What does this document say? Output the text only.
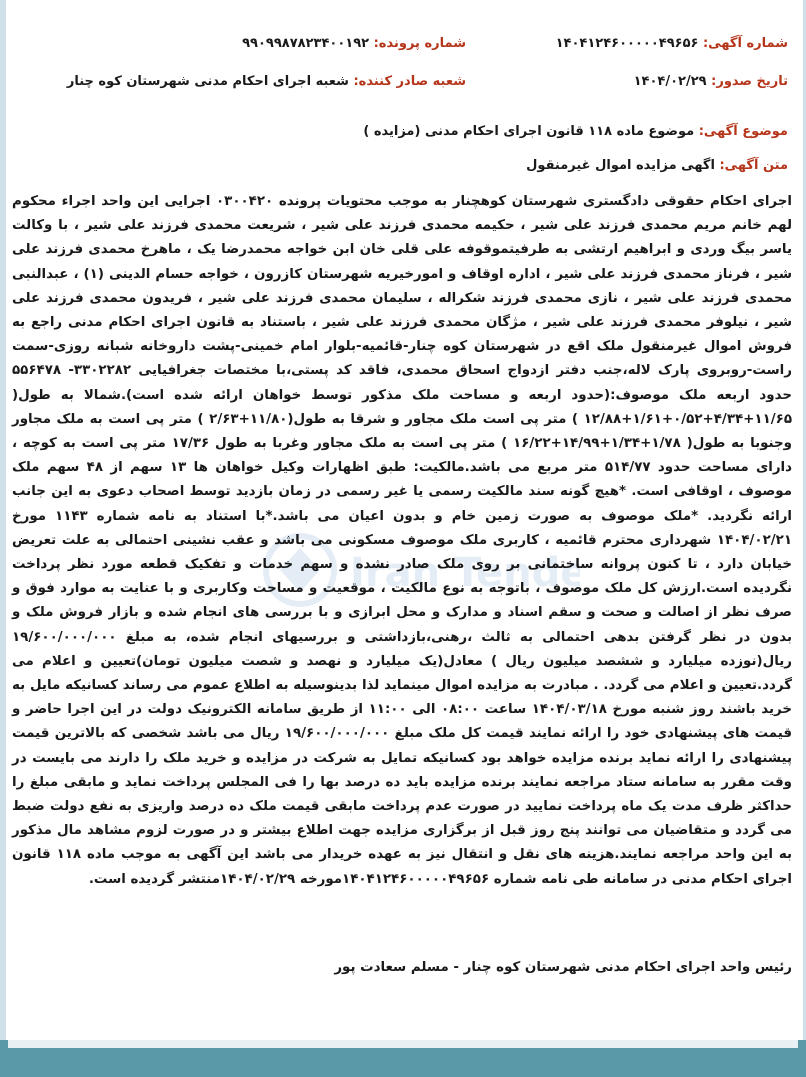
شماره آگهی: ۱۴۰۴۱۲۴۶۰۰۰۰۰۴۹۶۵۶
شماره پرونده: ۹۹۰۹۹۸۷۸۲۳۴۰۰۱۹۲
تاریخ صدور: ۱۴۰۴/۰۲/۲۹
شعبه صادر کننده: شعبه اجرای احکام مدنی شهرستان کوه چنار
موضوع آگهی: موضوع ماده ۱۱۸ قانون اجرای احکام مدنی (مزایده )
متن آگهی: اگهی مزایده اموال غیرمنقول
اجرای احکام حقوقی دادگستری شهرستان کوهچنار به موجب محتویات پرونده ۰۳۰۰۴۲۰ اجرایی این واحد اجراء محکوم لهم خانم مریم محمدی فرزند علی شیر ، حکیمه محمدی فرزند علی شیر ، شریعت محمدی فرزند علی شیر ، با وکالت یاسر بیگ وردی و ابراهیم ارتشی به طرفیتموقوفه علی قلی خان ابن خواجه محمدرضا یک ، ماهرخ محمدی فرزند علی شیر ، فرناز محمدی فرزند علی شیر ، اداره اوقاف و امورخیریه شهرستان کازرون ، خواجه حسام الدینی (۱) ، عبدالنبی محمدی فرزند علی شیر ، نازی محمدی فرزند شکراله ، سلیمان محمدی فرزند علی شیر ، فریدون محمدی فرزند علی شیر ، نیلوفر محمدی فرزند علی شیر ، مژگان محمدی فرزند علی شیر ، باستناد به قانون اجرای احکام مدنی راجع به فروش اموال غیرمنقول ملک اقع در شهرستان کوه چنار-قائمیه-بلوار امام خمینی-پشت داروخانه شبانه روزی-سمت راست-روبروی پارک لاله،جنب دفتر ازدواج اسحاق محمدی، فاقد کد پستی،با مختصات جغرافیایی ۳۳۰۲۲۸۲- ۵۵۶۴۷۸ حدود اربعه ملک موصوف:(حدود اربعه و مساحت ملک مذکور توسط خواهان ارائه شده است).شمالا به طول( ۱۱/۶۵+۴/۳۴+۰/۵۲+۱/۶۱+۱۲/۸۸ ) متر پی است ملک مجاور و شرقا به طول(۱۱/۸۰+۲/۶۳ ) متر پی است به ملک مجاور وجنوبا به طول( ۱/۷۸+۱/۳۴+۱۴/۹۹+۱۶/۲۲ ) متر پی است به ملک مجاور وغربا به طول ۱۷/۳۶ متر پی است به کوچه ، دارای مساحت حدود ۵۱۴/۷۷ متر مربع می باشد.مالکیت: طبق اظهارات وکیل خواهان ها ۱۳ سهم از ۴۸ سهم ملک موصوف ، اوقافی است. *هیچ گونه سند مالکیت رسمی یا غیر رسمی در زمان بازدید توسط اصحاب دعوی به این جانب ارائه نگردید. *ملک موصوف به صورت زمین خام و بدون اعیان می باشد.*با استناد به نامه شماره ۱۱۴۳ مورخ ۱۴۰۴/۰۲/۲۱ شهرداری محترم قائمیه ، کاربری ملک موصوف مسکونی می باشد و عقب نشینی احتمالی به علت تعریض خیابان دارد ، تا کنون پروانه ساختمانی بر روی ملک صادر نشده و سهم خدمات و تفکیک قطعه مورد نظر پرداخت نگردیده است.ارزش کل ملک موصوف ، باتوجه به نوع مالکیت ، موقعیت و مساحت وکاربری و با عنایت به موارد فوق و صرف نظر از اصالت و صحت و سقم اسناد و مدارک و محل ابرازی و با بررسی های انجام شده و بازار فروش ملک و بدون در نظر گرفتن بدهی احتمالی به ثالث ،رهنی،بازداشتی و بررسیهای انجام شده، به مبلغ ۱۹/۶۰۰/۰۰۰/۰۰۰ ریال(نوزده میلیارد و ششصد میلیون ریال ) معادل(یک میلیارد و نهصد و شصت میلیون تومان)تعیین و اعلام می گردد.تعیین و اعلام می گردد. . مبادرت به مزایده اموال مینماید لذا بدینوسیله به اطلاع عموم می رساند کسانیکه مایل به خرید باشند روز شنبه مورخ ۱۴۰۴/۰۳/۱۸ ساعت ۰۸:۰۰ الی ۱۱:۰۰ از طریق سامانه الکترونیک دولت در این اجرا حاضر و قیمت های پیشنهادی خود را ارائه نمایند قیمت کل ملک مبلغ ۱۹/۶۰۰/۰۰۰/۰۰۰ ریال می باشد شخصی که بالاترین قیمت پیشنهادی را ارائه نماید برنده مزایده خواهد بود کسانیکه تمایل به شرکت در مزایده و خرید ملک را دارند می بایست در وقت مقرر به سامانه ستاد مراجعه نمایند برنده مزایده باید ده درصد بها را فی المجلس پرداخت نماید و مابقی مبلغ را حداکثر ظرف مدت یک ماه پرداخت نمایید در صورت عدم پرداخت مابقی قیمت ملک ده درصد واریزی به نفع دولت ضبط می گردد و متقاضیان می توانند پنج روز قبل از برگزاری مزایده جهت اطلاع بیشتر و در صورت لزوم مشاهد مال مذکور به این واحد مراجعه نمایند.هزینه های نقل و انتقال نیز به عهده خریدار می باشد این آگهی به موجب ماده ۱۱۸ قانون اجرای احکام مدنی در سامانه طی نامه شماره ۱۴۰۴۱۲۴۶۰۰۰۰۰۴۹۶۵۶مورخه ۱۴۰۴/۰۲/۲۹منتشر گردیده است.
رئیس واحد اجرای احکام مدنی شهرستان کوه چنار - مسلم سعادت پور
